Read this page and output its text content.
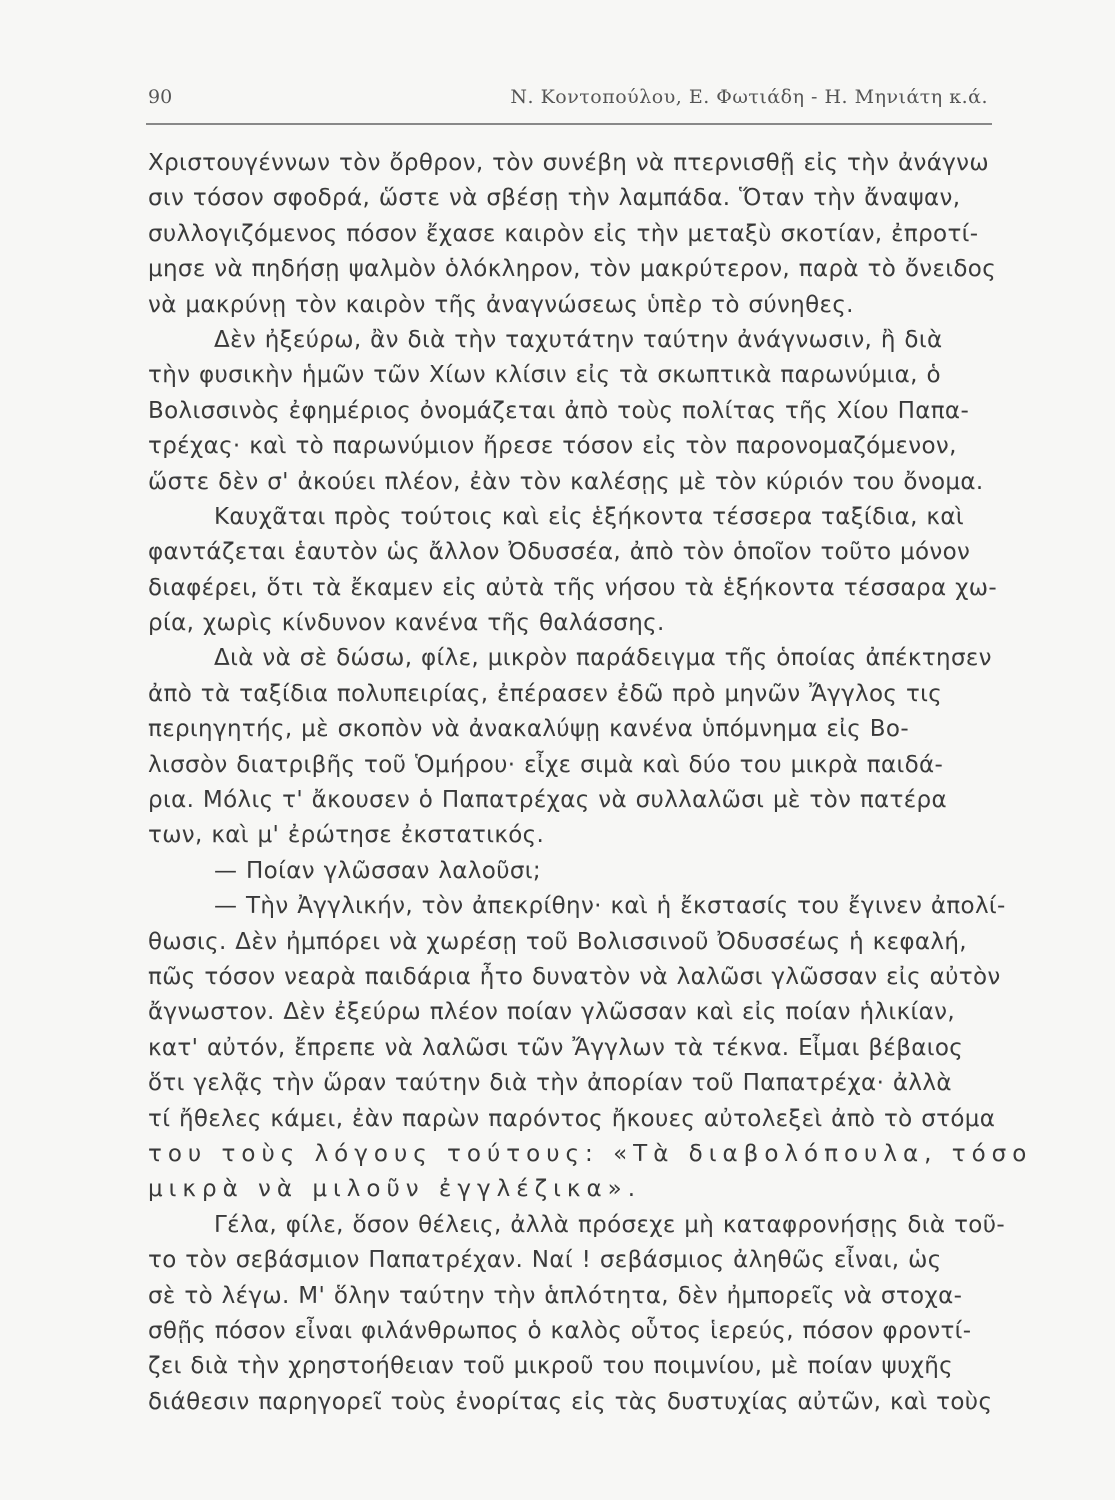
90	Ν. Κοντοπούλου, Ε. Φωτιάδη - Η. Μηνιάτη κ.ά.
Χριστουγέννων τὸν ὄρθρον, τὸν συνέβη νὰ πτερνισθῇ εἰς τὴν ἀνάγνω
σιν τόσον σφοδρά, ὥστε νὰ σβέσῃ τὴν λαμπάδα. Ὅταν τὴν ἄναψαν,
συλλογιζόμενος πόσον ἔχασε καιρὸν εἰς τὴν μεταξὺ σκοτίαν, ἐπροτί-
μησε νὰ πηδήσῃ ψαλμὸν ὁλόκληρον, τὸν μακρύτερον, παρὰ τὸ ὄνειδος
νὰ μακρύνῃ τὸν καιρὸν τῆς ἀναγνώσεως ὑπὲρ τὸ σύνηθες.
Δὲν ἠξεύρω, ἂν διὰ τὴν ταχυτάτην ταύτην ἀνάγνωσιν, ἢ διὰ
τὴν φυσικὴν ἡμῶν τῶν Χίων κλίσιν εἰς τὰ σκωπτικὰ παρωνύμια, ὁ
Βολισσινὸς ἐφημέριος ὀνομάζεται ἀπὸ τοὺς πολίτας τῆς Χίου Παπα-
τρέχας· καὶ τὸ παρωνύμιον ἤρεσε τόσον εἰς τὸν παρονομαζόμενον,
ὥστε δὲν σ' ἀκούει πλέον, ἐὰν τὸν καλέσῃς μὲ τὸν κύριόν του ὄνομα.
Καυχᾶται πρὸς τούτοις καὶ εἰς ἑξήκοντα τέσσερα ταξίδια, καὶ
φαντάζεται ἑαυτὸν ὡς ἄλλον Ὀδυσσέα, ἀπὸ τὸν ὁποῖον τοῦτο μόνον
διαφέρει, ὅτι τὰ ἔκαμεν εἰς αὐτὰ τῆς νήσου τὰ ἑξήκοντα τέσσαρα χω-
ρία, χωρὶς κίνδυνον κανένα τῆς θαλάσσης.
Διὰ νὰ σὲ δώσω, φίλε, μικρὸν παράδειγμα τῆς ὁποίας ἀπέκτησεν
ἀπὸ τὰ ταξίδια πολυπειρίας, ἐπέρασεν ἐδῶ πρὸ μηνῶν Ἄγγλος τις
περιηγητής, μὲ σκοπὸν νὰ ἀνακαλύψῃ κανένα ὑπόμνημα εἰς Βο-
λισσὸν διατριβῆς τοῦ Ὁμήρου· εἶχε σιμὰ καὶ δύο του μικρὰ παιδά-
ρια. Μόλις τ' ἄκουσεν ὁ Παπατρέχας νὰ συλλαλῶσι μὲ τὸν πατέρα
των, καὶ μ' ἐρώτησε ἐκστατικός.
— Ποίαν γλῶσσαν λαλοῦσι;
— Τὴν Ἀγγλικήν, τὸν ἀπεκρίθην· καὶ ἡ ἔκστασίς του ἔγινεν ἀπολί-
θωσις. Δὲν ἠμπόρει νὰ χωρέσῃ τοῦ Βολισσινοῦ Ὀδυσσέως ἡ κεφαλή,
πῶς τόσον νεαρὰ παιδάρια ἦτο δυνατὸν νὰ λαλῶσι γλῶσσαν εἰς αὐτὸν
ἄγνωστον. Δὲν ἐξεύρω πλέον ποίαν γλῶσσαν καὶ εἰς ποίαν ἡλικίαν,
κατ' αὐτόν, ἔπρεπε νὰ λαλῶσι τῶν Ἄγγλων τὰ τέκνα. Εἶμαι βέβαιος
ὅτι γελᾷς τὴν ὥραν ταύτην διὰ τὴν ἀπορίαν τοῦ Παπατρέχα· ἀλλὰ
τί ἤθελες κάμει, ἐὰν παρὼν παρόντος ἤκουες αὐτολεξεὶ ἀπὸ τὸ στόμα
του τοὺς λόγους τούτους: «Τὰ διαβολόπουλα, τόσο
μικρὰ νὰ μιλοῦν ἐγγλέζικα».
Γέλα, φίλε, ὅσον θέλεις, ἀλλὰ πρόσεχε μὴ καταφρονήσῃς διὰ τοῦ-
το τὸν σεβάσμιον Παπατρέχαν. Ναί ! σεβάσμιος ἀληθῶς εἶναι, ὡς
σὲ τὸ λέγω. Μ' ὅλην ταύτην τὴν ἁπλότητα, δὲν ἠμπορεῖς νὰ στοχα-
σθῇς πόσον εἶναι φιλάνθρωπος ὁ καλὸς οὗτος ἱερεύς, πόσον φροντί-
ζει διὰ τὴν χρηστοήθειαν τοῦ μικροῦ του ποιμνίου, μὲ ποίαν ψυχῆς
διάθεσιν παρηγορεῖ τοὺς ἐνορίτας εἰς τὰς δυστυχίας αὐτῶν, καὶ τοὺς
